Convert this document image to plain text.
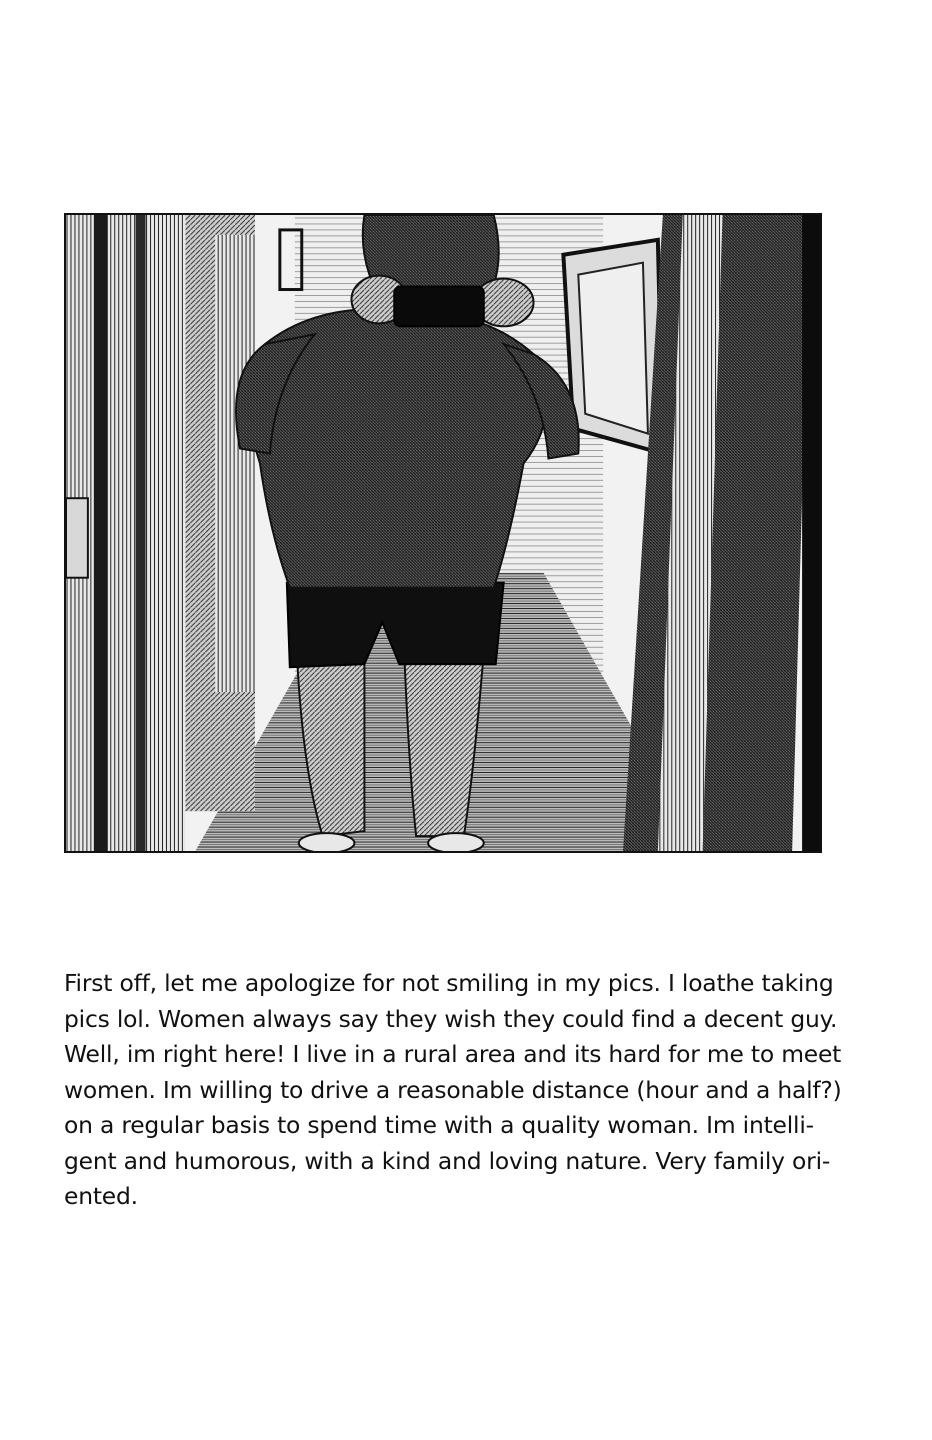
First off, let me apologize for not smiling in my pics. I loathe taking
pics lol. Women always say they wish they could find a decent guy.
Well, im right here! I live in a rural area and its hard for me to meet
women. Im willing to drive a reasonable distance (hour and a half?)
on a regular basis to spend time with a quality woman. Im intelli-
gent and humorous, with a kind and loving nature. Very family ori-
ented.
